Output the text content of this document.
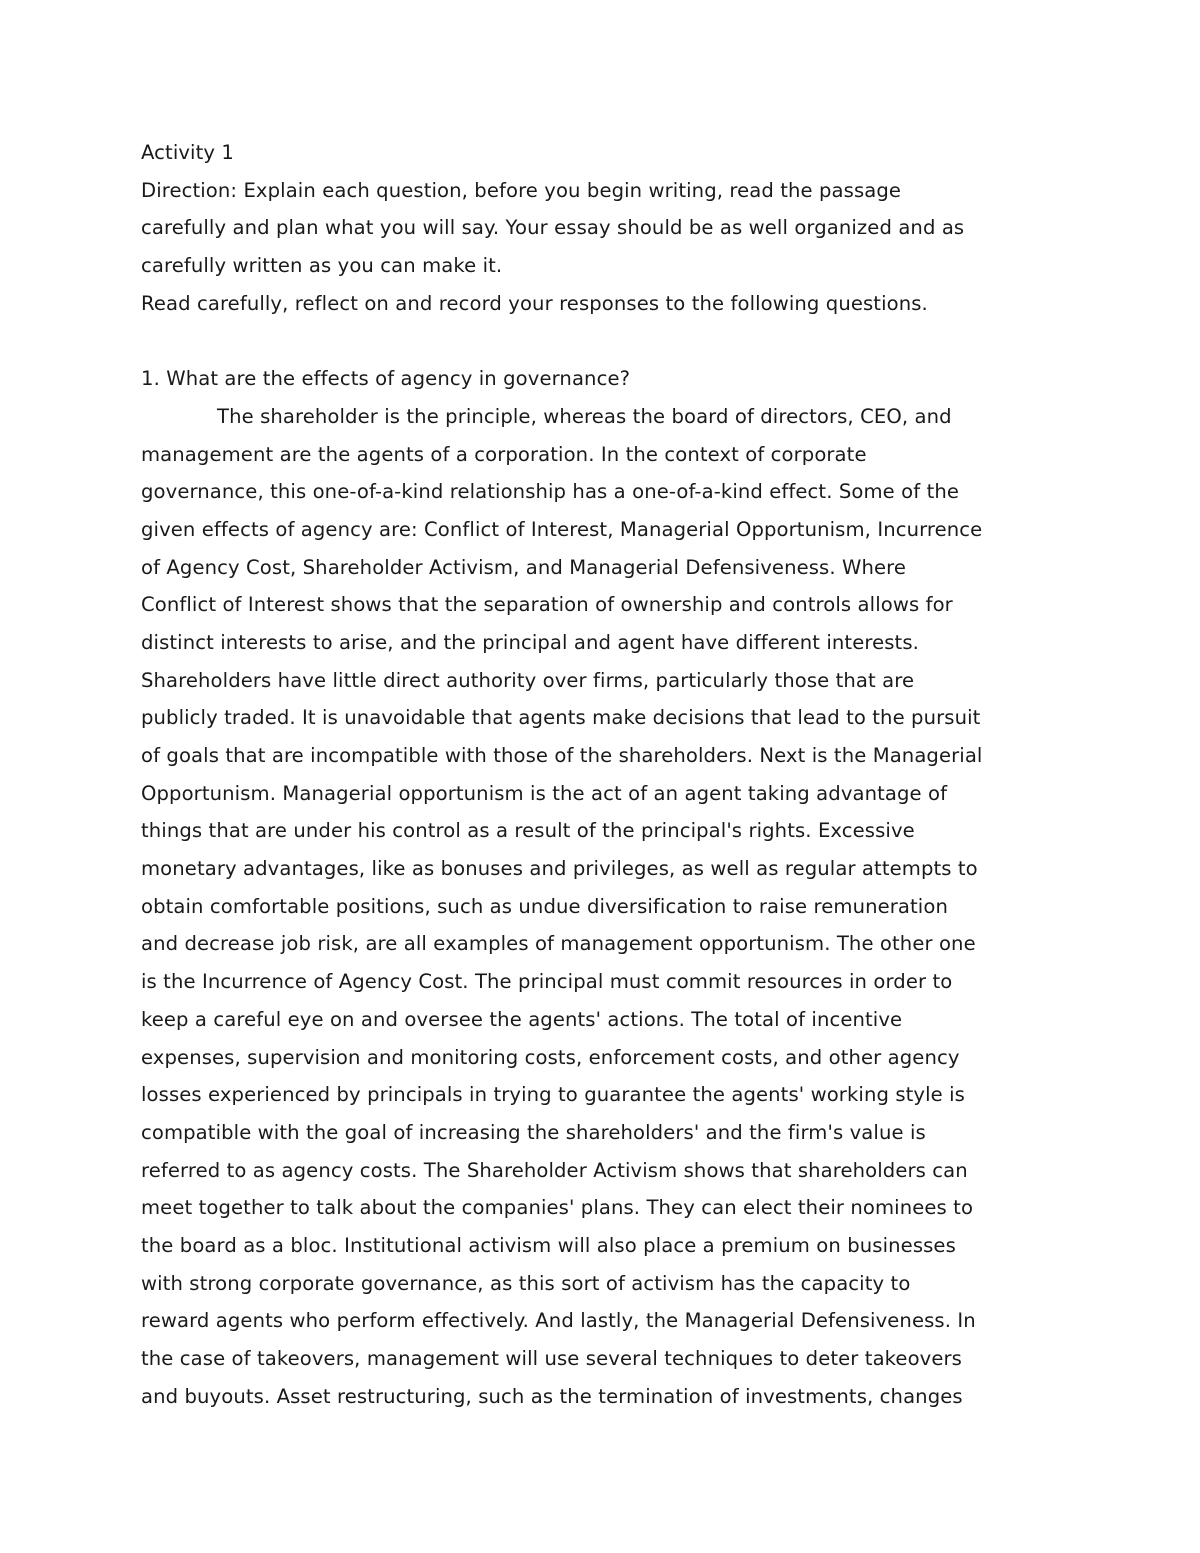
Activity 1
Direction: Explain each question, before you begin writing, read the passage
carefully and plan what you will say. Your essay should be as well organized and as
carefully written as you can make it.
Read carefully, reflect on and record your responses to the following questions.
1. What are the effects of agency in governance?
The shareholder is the principle, whereas the board of directors, CEO, and
management are the agents of a corporation. In the context of corporate
governance, this one-of-a-kind relationship has a one-of-a-kind effect. Some of the
given effects of agency are: Conflict of Interest, Managerial Opportunism, Incurrence
of Agency Cost, Shareholder Activism, and Managerial Defensiveness. Where
Conflict of Interest shows that the separation of ownership and controls allows for
distinct interests to arise, and the principal and agent have different interests.
Shareholders have little direct authority over firms, particularly those that are
publicly traded. It is unavoidable that agents make decisions that lead to the pursuit
of goals that are incompatible with those of the shareholders. Next is the Managerial
Opportunism. Managerial opportunism is the act of an agent taking advantage of
things that are under his control as a result of the principal's rights. Excessive
monetary advantages, like as bonuses and privileges, as well as regular attempts to
obtain comfortable positions, such as undue diversification to raise remuneration
and decrease job risk, are all examples of management opportunism. The other one
is the Incurrence of Agency Cost. The principal must commit resources in order to
keep a careful eye on and oversee the agents' actions. The total of incentive
expenses, supervision and monitoring costs, enforcement costs, and other agency
losses experienced by principals in trying to guarantee the agents' working style is
compatible with the goal of increasing the shareholders' and the firm's value is
referred to as agency costs. The Shareholder Activism shows that shareholders can
meet together to talk about the companies' plans. They can elect their nominees to
the board as a bloc. Institutional activism will also place a premium on businesses
with strong corporate governance, as this sort of activism has the capacity to
reward agents who perform effectively. And lastly, the Managerial Defensiveness. In
the case of takeovers, management will use several techniques to deter takeovers
and buyouts. Asset restructuring, such as the termination of investments, changes
